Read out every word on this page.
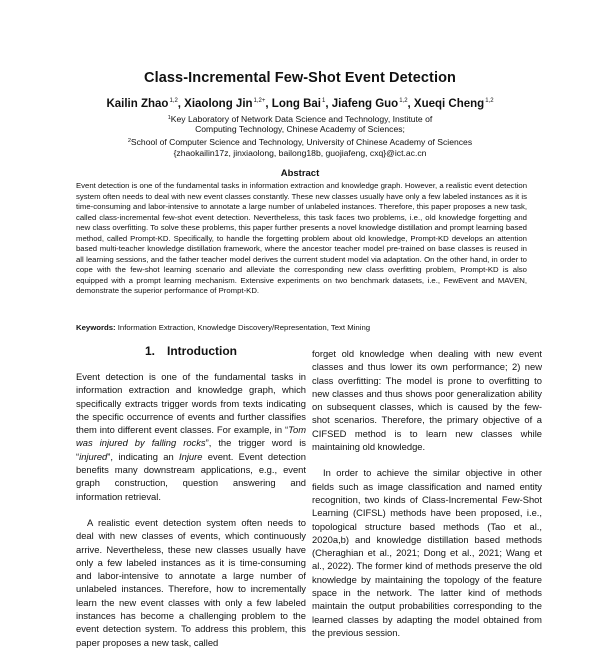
Class-Incremental Few-Shot Event Detection
Kailin Zhao$^{1,2}$, Xiaolong Jin$^{1,2+}$, Long Bai$^1$, Jiafeng Guo$^{1,2}$, Xueqi Cheng$^{1,2}$
$^1$Key Laboratory of Network Data Science and Technology, Institute of
Computing Technology, Chinese Academy of Sciences;
$^2$School of Computer Science and Technology, University of Chinese Academy of Sciences
{zhaokailin17z, jinxiaolong, bailong18b, guojiafeng, cxq}@ict.ac.cn
Abstract
Event detection is one of the fundamental tasks in information extraction and knowledge graph. However, a realistic event detection system often needs to deal with new event classes constantly. These new classes usually have only a few labeled instances as it is time-consuming and labor-intensive to annotate a large number of unlabeled instances. Therefore, this paper proposes a new task, called class-incremental few-shot event detection. Nevertheless, this task faces two problems, i.e., old knowledge forgetting and new class overfitting. To solve these problems, this paper further presents a novel knowledge distillation and prompt learning based method, called Prompt-KD. Specifically, to handle the forgetting problem about old knowledge, Prompt-KD develops an attention based multi-teacher knowledge distillation framework, where the ancestor teacher model pre-trained on base classes is reused in all learning sessions, and the father teacher model derives the current student model via adaptation. On the other hand, in order to cope with the few-shot learning scenario and alleviate the corresponding new class overfitting problem, Prompt-KD is also equipped with a prompt learning mechanism. Extensive experiments on two benchmark datasets, i.e., FewEvent and MAVEN, demonstrate the superior performance of Prompt-KD.
Keywords: Information Extraction, Knowledge Discovery/Representation, Text Mining
1. Introduction

Event detection is one of the fundamental tasks in information extraction and knowledge graph, which specifically extracts trigger words from texts indicating the specific occurrence of events and further classifies them into different event classes. For example, in “Tom was injured by falling rocks”, the trigger word is “injured”, indicating an Injure event. Event detection benefits many downstream applications, e.g., event graph construction, question answering and information retrieval.

A realistic event detection system often needs to deal with new classes of events, which continuously arrive. Nevertheless, these new classes usually have only a few labeled instances as it is time-consuming and labor-intensive to annotate a large number of unlabeled instances. Therefore, how to incrementally learn the new event classes with only a few labeled instances has become a challenging problem to the event detection system. To address this problem, this paper proposes a new task, called

forget old knowledge when dealing with new event classes and thus lower its own performance; 2) new class overfitting: The model is prone to overfitting to new classes and thus shows poor generalization ability on subsequent classes, which is caused by the few-shot scenarios. Therefore, the primary objective of a CIFSED method is to learn new classes while maintaining old knowledge.

In order to achieve the similar objective in other fields such as image classification and named entity recognition, two kinds of Class-Incremental Few-Shot Learning (CIFSL) methods have been proposed, i.e., topological structure based methods (Tao et al., 2020a,b) and knowledge distillation based methods (Cheraghian et al., 2021; Dong et al., 2021; Wang et al., 2022). The former kind of methods preserve the old knowledge by maintaining the topology of the feature space in the network. The latter kind of methods maintain the output probabilities corresponding to the learned classes by adapting the model obtained from the previous session.
